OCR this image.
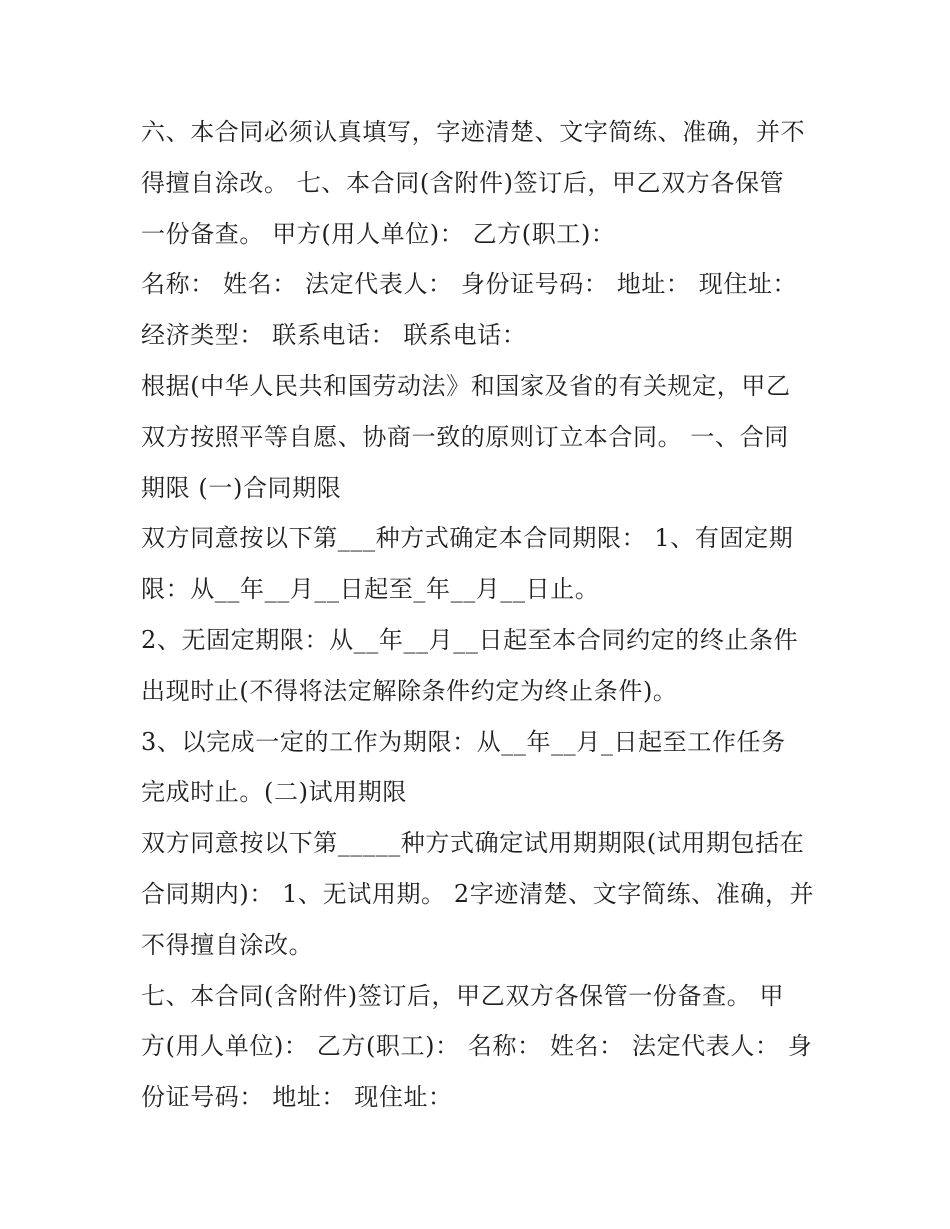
六、本合同必须认真填写，字迹清楚、文字简练、准确，并不
得擅自涂改。 七、本合同(含附件)签订后，甲乙双方各保管
一份备查。 甲方(用人单位)： 乙方(职工)：
名称： 姓名： 法定代表人： 身份证号码： 地址： 现住址：
经济类型： 联系电话： 联系电话：
根据(中华人民共和国劳动法》和国家及省的有关规定，甲乙
双方按照平等自愿、协商一致的原则订立本合同。 一、合同
期限 (一)合同期限
双方同意按以下第___种方式确定本合同期限： 1、有固定期
限：从__年__月__日起至_年__月__日止。
2、无固定期限：从__年__月__日起至本合同约定的终止条件
出现时止(不得将法定解除条件约定为终止条件)。
3、以完成一定的工作为期限：从__年__月_日起至工作任务
完成时止。(二)试用期限
双方同意按以下第_____种方式确定试用期期限(试用期包括在
合同期内)： 1、无试用期。 2字迹清楚、文字简练、准确，并
不得擅自涂改。
七、本合同(含附件)签订后，甲乙双方各保管一份备查。 甲
方(用人单位)： 乙方(职工)： 名称： 姓名： 法定代表人： 身
份证号码： 地址： 现住址：
